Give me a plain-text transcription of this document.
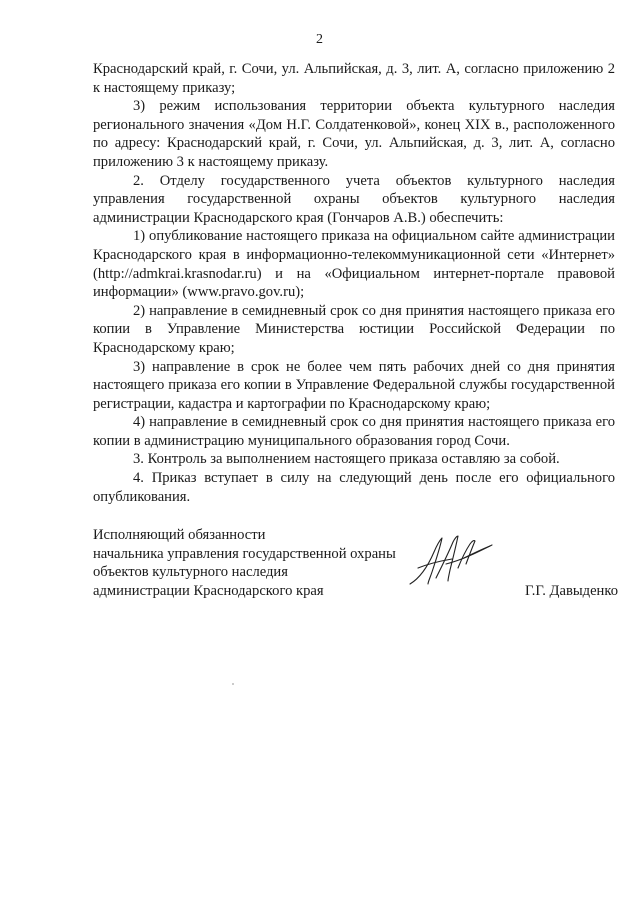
2

Краснодарский край, г. Сочи, ул. Альпийская, д. 3, лит. А, согласно приложению 2 к настоящему приказу;

3) режим использования территории объекта культурного наследия регионального значения «Дом Н.Г. Солдатенковой», конец XIX в., расположенного по адресу: Краснодарский край, г. Сочи, ул. Альпийская, д. 3, лит. А, согласно приложению 3 к настоящему приказу.

2. Отделу государственного учета объектов культурного наследия управления государственной охраны объектов культурного наследия администрации Краснодарского края (Гончаров А.В.) обеспечить:

1) опубликование настоящего приказа на официальном сайте администрации Краснодарского края в информационно-телекоммуникационной сети «Интернет» (http://admkrai.krasnodar.ru) и на «Официальном интернет-портале правовой информации» (www.pravo.gov.ru);

2) направление в семидневный срок со дня принятия настоящего приказа его копии в Управление Министерства юстиции Российской Федерации по Краснодарскому краю;

3) направление в срок не более чем пять рабочих дней со дня принятия настоящего приказа его копии в Управление Федеральной службы государственной регистрации, кадастра и картографии по Краснодарскому краю;

4) направление в семидневный срок со дня принятия настоящего приказа его копии в администрацию муниципального образования город Сочи.

3. Контроль за выполнением настоящего приказа оставляю за собой.

4. Приказ вступает в силу на следующий день после его официального опубликования.

Исполняющий обязанности
начальника управления государственной охраны
объектов культурного наследия
администрации Краснодарского края	Г.Г. Давыденко
